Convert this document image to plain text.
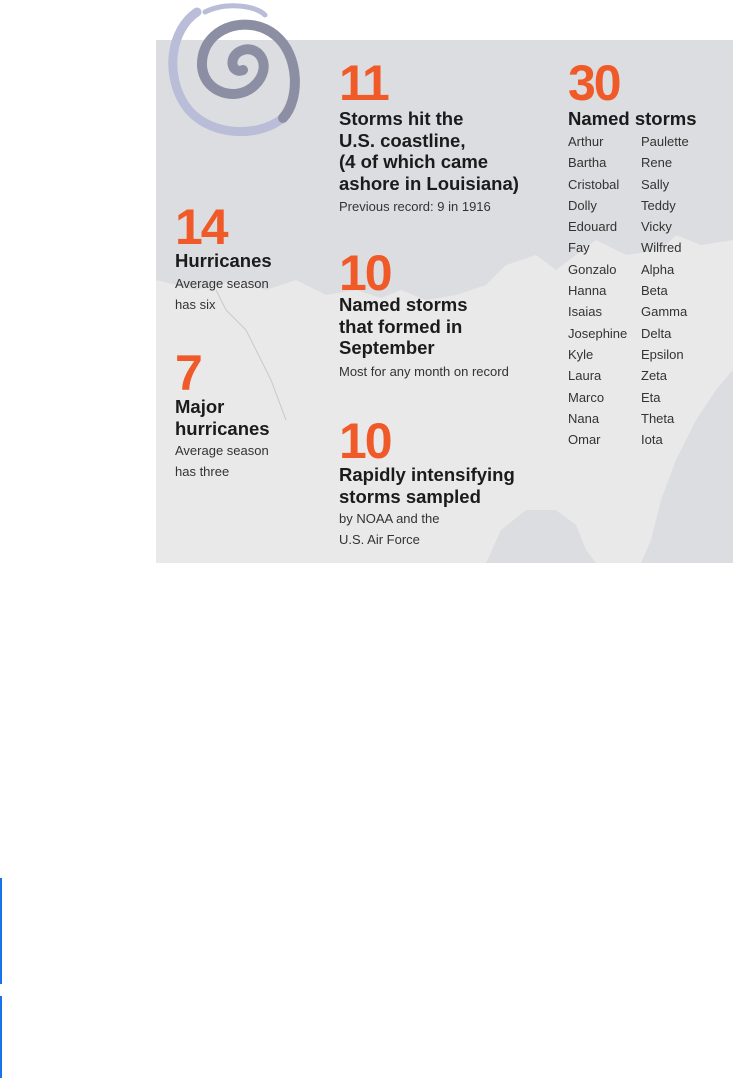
11
Storms hit the
U.S. coastline,
(4 of which came
ashore in Louisiana)
Previous record: 9 in 1916
30
Named storms
Arthur
Bartha
Cristobal
Dolly
Edouard
Fay
Gonzalo
Hanna
Isaias
Josephine
Kyle
Laura
Marco
Nana
Omar
Paulette
Rene
Sally
Teddy
Vicky
Wilfred
Alpha
Beta
Gamma
Delta
Epsilon
Zeta
Eta
Theta
Iota
14
Hurricanes
Average season
has six
10
Named storms
that formed in
September
Most for any month on record
7
Major
hurricanes
Average season
has three
10
Rapidly intensifying
storms sampled
by NOAA and the
U.S. Air Force
